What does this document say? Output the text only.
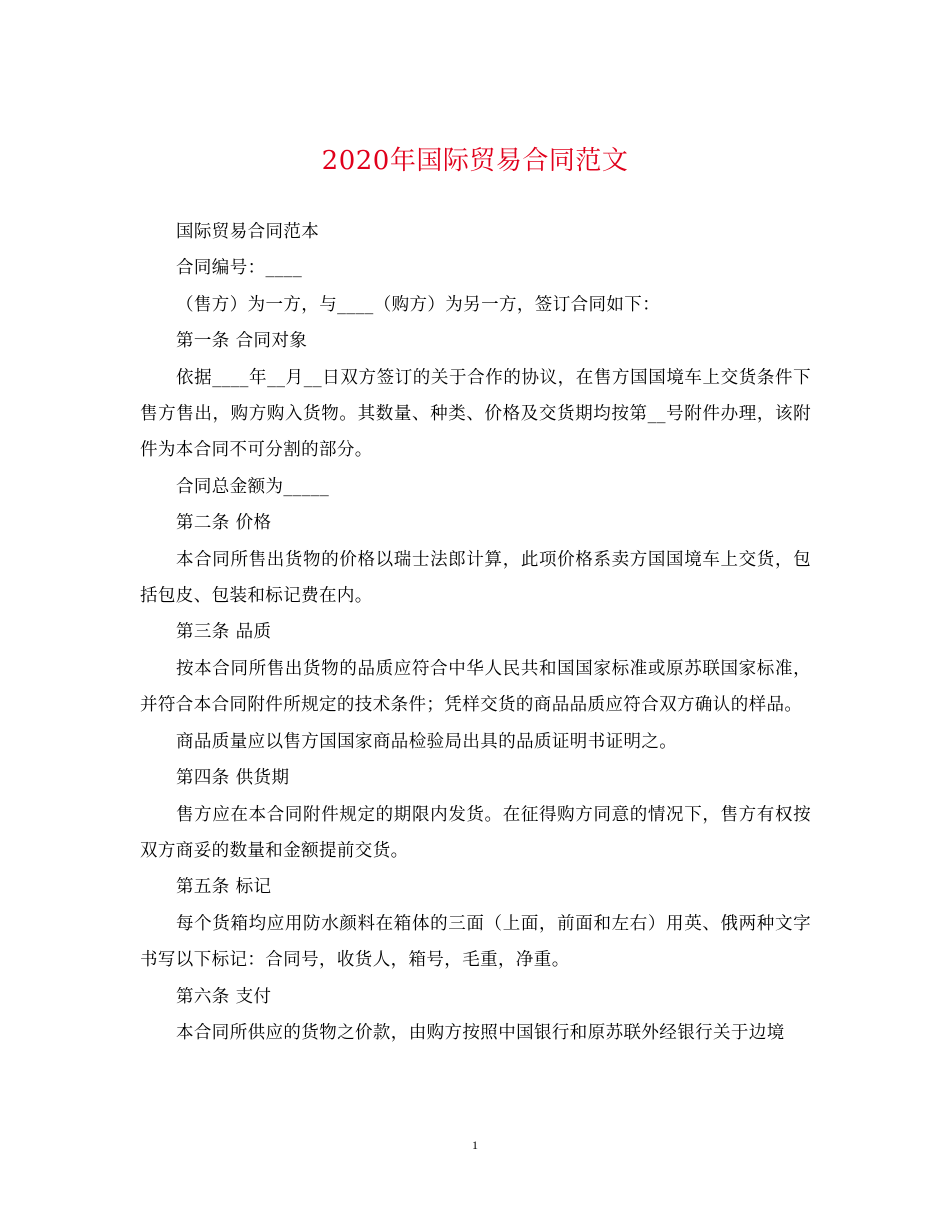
2020年国际贸易合同范文

国际贸易合同范本

合同编号：____

（售方）为一方，与____（购方）为另一方，签订合同如下：

第一条 合同对象

依据____年__月__日双方签订的关于合作的协议，在售方国国境车上交货条件下售方售出，购方购入货物。其数量、种类、价格及交货期均按第__号附件办理，该附件为本合同不可分割的部分。

合同总金额为_____

第二条 价格

本合同所售出货物的价格以瑞士法郎计算，此项价格系卖方国国境车上交货，包括包皮、包装和标记费在内。

第三条 品质

按本合同所售出货物的品质应符合中华人民共和国国家标准或原苏联国家标准，并符合本合同附件所规定的技术条件；凭样交货的商品品质应符合双方确认的样品。

商品质量应以售方国国家商品检验局出具的品质证明书证明之。

第四条 供货期

售方应在本合同附件规定的期限内发货。在征得购方同意的情况下，售方有权按双方商妥的数量和金额提前交货。

第五条 标记

每个货箱均应用防水颜料在箱体的三面（上面，前面和左右）用英、俄两种文字书写以下标记：合同号，收货人，箱号，毛重，净重。

第六条 支付

本合同所供应的货物之价款，由购方按照中国银行和原苏联外经银行关于边境

1
